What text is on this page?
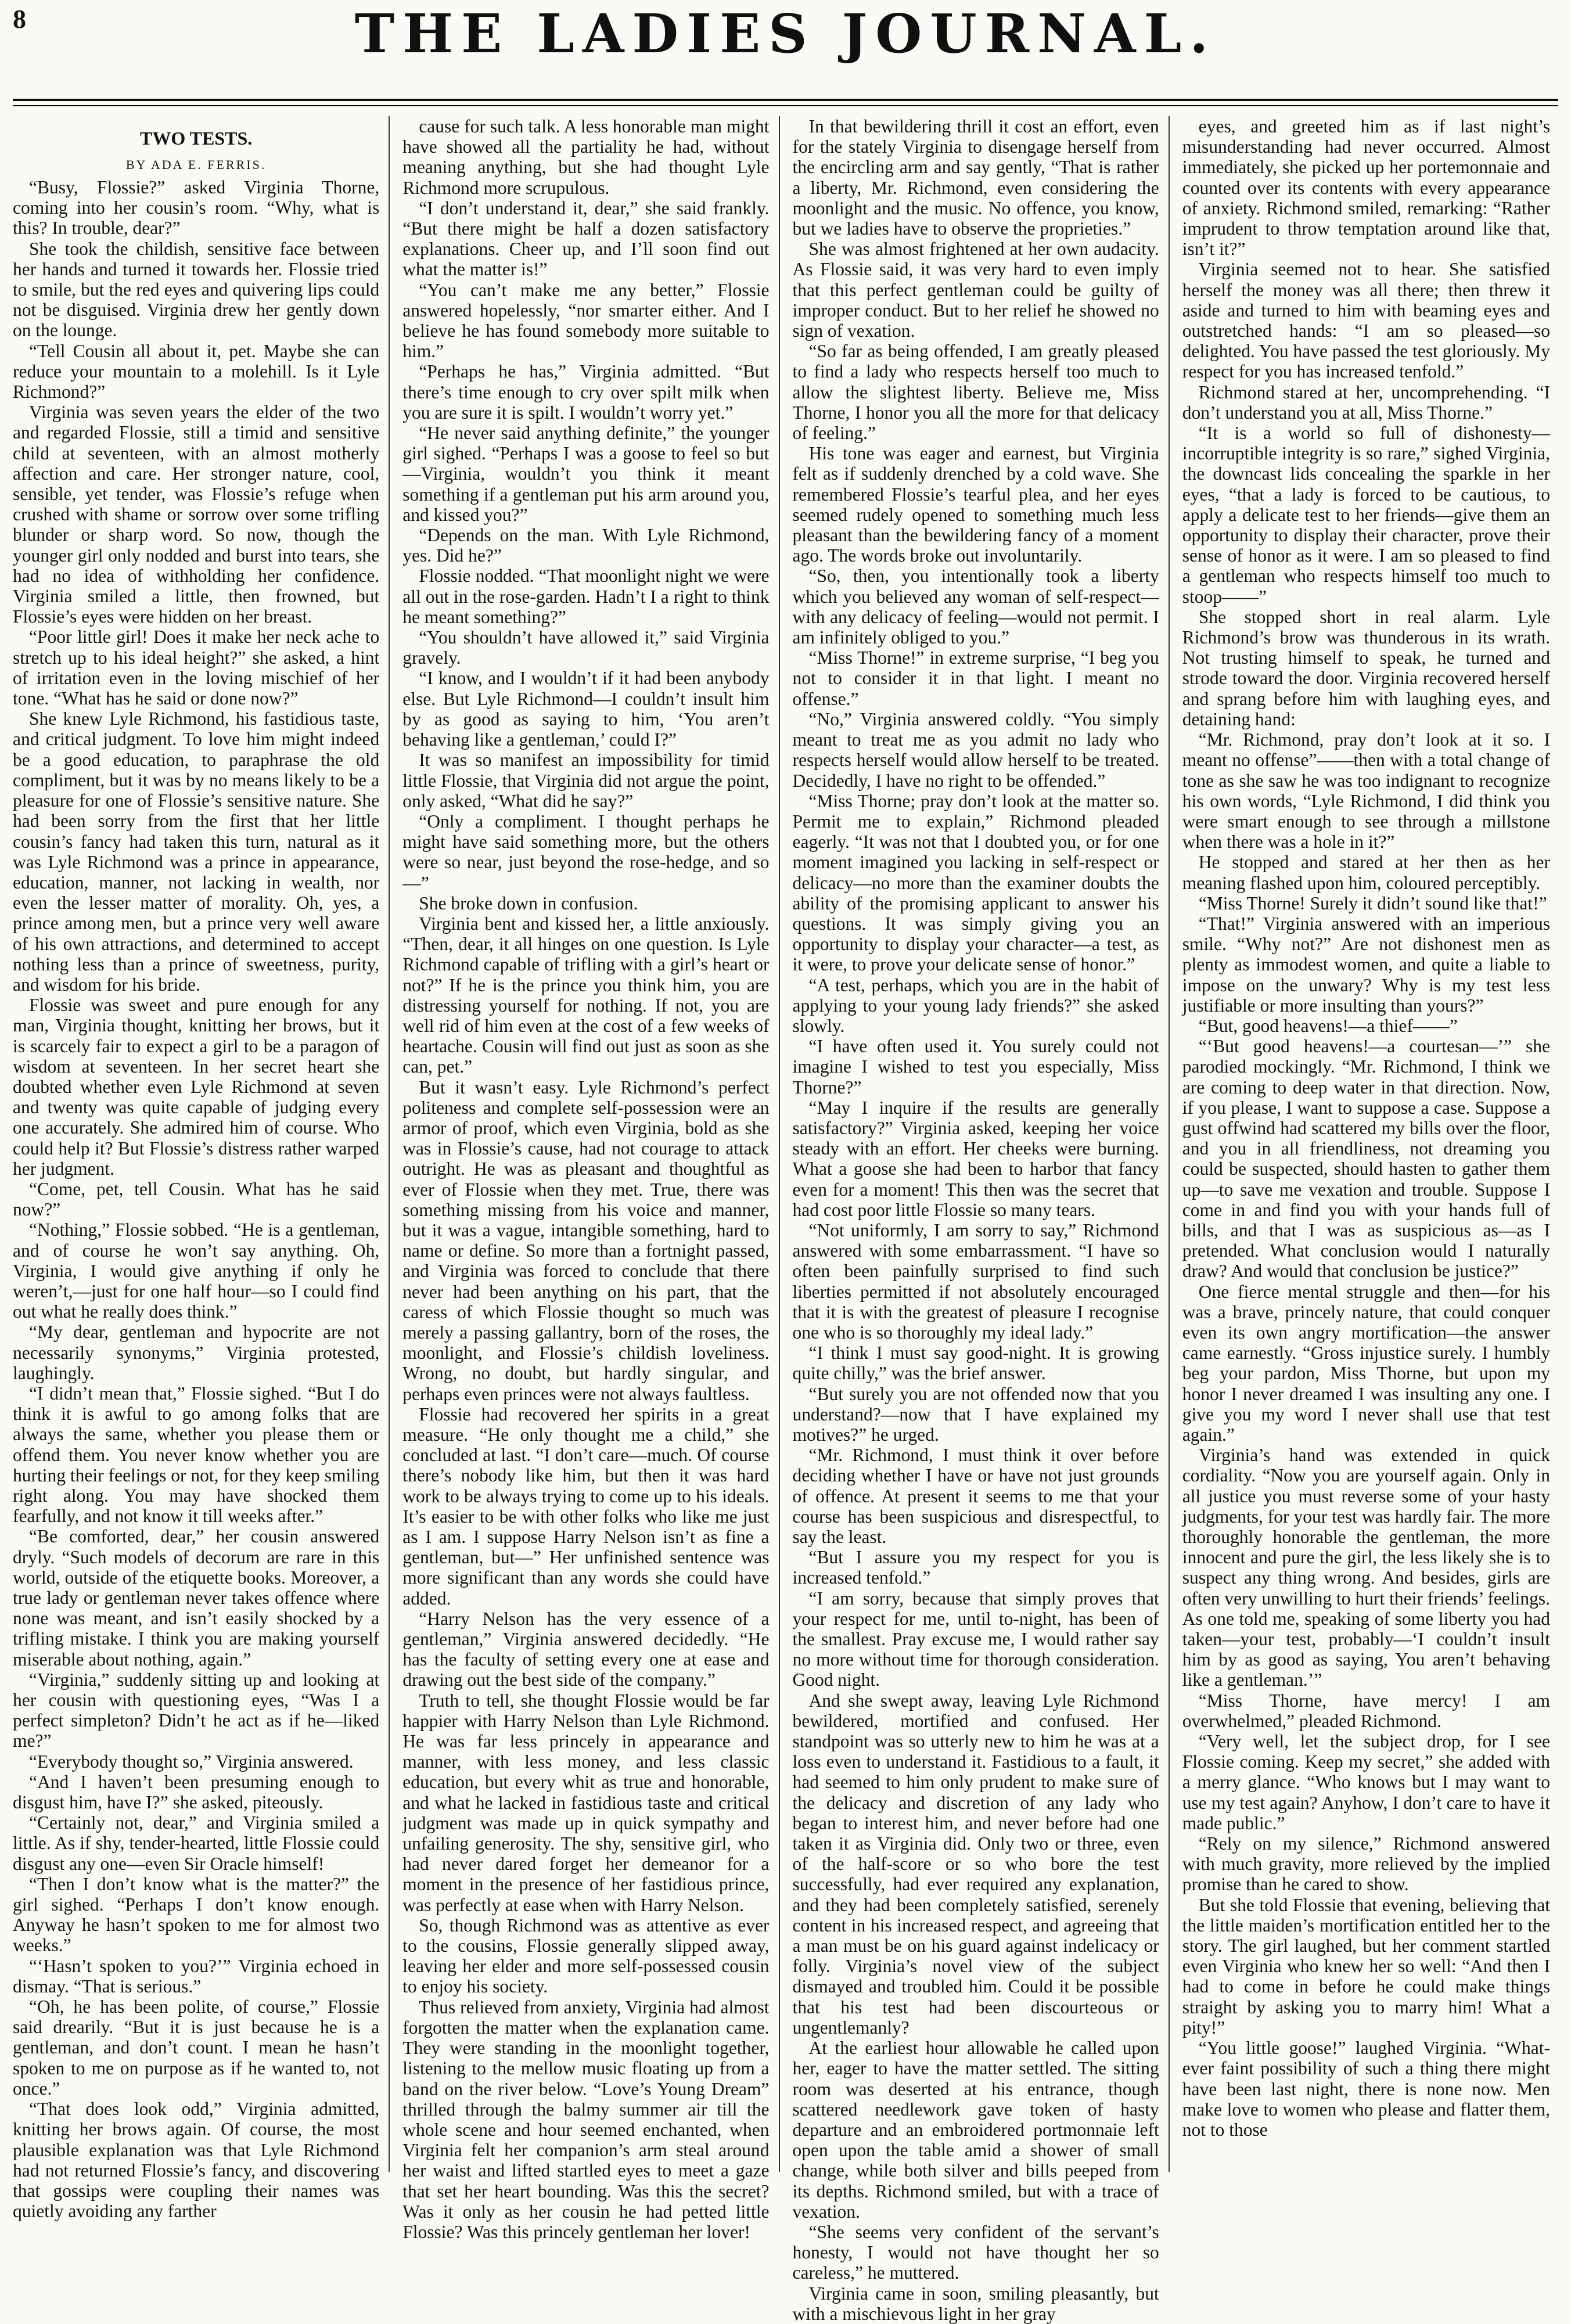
8	THE LADIES JOURNAL.
TWO TESTS.
BY ADA E. FERRIS.

“Busy, Flossie?” asked Virginia Thorne, coming into her cousin’s room. “Why, what is this? In trouble, dear?”

She took the childish, sensitive face between her hands and turned it towards her. Flossie tried to smile, but the red eyes and quivering lips could not be disguised. Virginia drew her gently down on the lounge.

“Tell Cousin all about it, pet. Maybe she can reduce your mountain to a molehill. Is it Lyle Richmond?”

Virginia was seven years the elder of the two and regarded Flossie, still a timid and sensitive child at seventeen, with an almost motherly affection and care. Her stronger nature, cool, sensible, yet tender, was Flossie’s refuge when crushed with shame or sorrow over some trifling blunder or sharp word. So now, though the younger girl only nodded and burst into tears, she had no idea of withholding her confidence. Virginia smiled a little, then frowned, but Flossie’s eyes were hidden on her breast.

“Poor little girl! Does it make her neck ache to stretch up to his ideal height?” she asked, a hint of irritation even in the loving mischief of her tone. “What has he said or done now?”

She knew Lyle Richmond, his fastidious taste, and critical judgment. To love him might indeed be a good education, to paraphrase the old compliment, but it was by no means likely to be a pleasure for one of Flossie’s sensitive nature. She had been sorry from the first that her little cousin’s fancy had taken this turn, natural as it was Lyle Richmond was a prince in appearance, education, manner, not lacking in wealth, nor even the lesser matter of morality. Oh, yes, a prince among men, but a prince very well aware of his own attractions, and determined to accept nothing less than a prince of sweetness, purity, and wisdom for his bride.

Flossie was sweet and pure enough for any man, Virginia thought, knitting her brows, but it is scarcely fair to expect a girl to be a paragon of wisdom at seventeen. In her secret heart she doubted whether even Lyle Richmond at seven and twenty was quite capable of judging every one accurately. She admired him of course. Who could help it? But Flossie’s distress rather warped her judgment.

“Come, pet, tell Cousin. What has he said now?”

“Nothing,” Flossie sobbed. “He is a gentleman, and of course he won’t say anything. Oh, Virginia, I would give anything if only he weren’t,—just for one half hour—so I could find out what he really does think.”

“My dear, gentleman and hypocrite are not necessarily synonyms,” Virginia protested, laughingly.

“I didn’t mean that,” Flossie sighed. “But I do think it is awful to go among folks that are always the same, whether you please them or offend them. You never know whether you are hurting their feelings or not, for they keep smiling right along. You may have shocked them fearfully, and not know it till weeks after.”

“Be comforted, dear,” her cousin answered dryly. “Such models of decorum are rare in this world, outside of the etiquette books. Moreover, a true lady or gentleman never takes offence where none was meant, and isn’t easily shocked by a trifling mistake. I think you are making yourself miserable about nothing, again.”

“Virginia,” suddenly sitting up and looking at her cousin with questioning eyes, “Was I a perfect simpleton? Didn’t he act as if he—liked me?”

“Everybody thought so,” Virginia answered.

“And I haven’t been presuming enough to disgust him, have I?” she asked, piteously.

“Certainly not, dear,” and Virginia smiled a little. As if shy, tender-hearted, little Flossie could disgust any one—even Sir Oracle himself!

“Then I don’t know what is the matter?” the girl sighed. “Perhaps I don’t know enough. Anyway he hasn’t spoken to me for almost two weeks.”

“‘Hasn’t spoken to you?’” Virginia echoed in dismay. “That is serious.”

“Oh, he has been polite, of course,” Flossie said drearily. “But it is just because he is a gentleman, and don’t count. I mean he hasn’t spoken to me on purpose as if he wanted to, not once.”

“That does look odd,” Virginia admitted, knitting her brows again. Of course, the most plausible explanation was that Lyle Richmond had not returned Flossie’s fancy, and discovering that gossips were coupling their names was quietly avoiding any farther

cause for such talk. A less honorable man might have showed all the partiality he had, without meaning anything, but she had thought Lyle Richmond more scrupulous.

“I don’t understand it, dear,” she said frankly. “But there might be half a dozen satisfactory explanations. Cheer up, and I’ll soon find out what the matter is!”

“You can’t make me any better,” Flossie answered hopelessly, “nor smarter either. And I believe he has found somebody more suitable to him.”

“Perhaps he has,” Virginia admitted. “But there’s time enough to cry over spilt milk when you are sure it is spilt. I wouldn’t worry yet.”

“He never said anything definite,” the younger girl sighed. “Perhaps I was a goose to feel so but—Virginia, wouldn’t you think it meant something if a gentleman put his arm around you, and kissed you?”

“Depends on the man. With Lyle Richmond, yes. Did he?”

Flossie nodded. “That moonlight night we were all out in the rose-garden. Hadn’t I a right to think he meant something?”

“You shouldn’t have allowed it,” said Virginia gravely.

“I know, and I wouldn’t if it had been anybody else. But Lyle Richmond—I couldn’t insult him by as good as saying to him, ‘You aren’t behaving like a gentleman,’ could I?”

It was so manifest an impossibility for timid little Flossie, that Virginia did not argue the point, only asked, “What did he say?”

“Only a compliment. I thought perhaps he might have said something more, but the others were so near, just beyond the rose-hedge, and so—”

She broke down in confusion.

Virginia bent and kissed her, a little anxiously. “Then, dear, it all hinges on one question. Is Lyle Richmond capable of trifling with a girl’s heart or not?” If he is the prince you think him, you are distressing yourself for nothing. If not, you are well rid of him even at the cost of a few weeks of heartache. Cousin will find out just as soon as she can, pet.”

But it wasn’t easy. Lyle Richmond’s perfect politeness and complete self-possession were an armor of proof, which even Virginia, bold as she was in Flossie’s cause, had not courage to attack outright. He was as pleasant and thoughtful as ever of Flossie when they met. True, there was something missing from his voice and manner, but it was a vague, intangible something, hard to name or define. So more than a fortnight passed, and Virginia was forced to conclude that there never had been anything on his part, that the caress of which Flossie thought so much was merely a passing gallantry, born of the roses, the moonlight, and Flossie’s childish loveliness. Wrong, no doubt, but hardly singular, and perhaps even princes were not always faultless.

Flossie had recovered her spirits in a great measure. “He only thought me a child,” she concluded at last. “I don’t care—much. Of course there’s nobody like him, but then it was hard work to be always trying to come up to his ideals. It’s easier to be with other folks who like me just as I am. I suppose Harry Nelson isn’t as fine a gentleman, but—” Her unfinished sentence was more significant than any words she could have added.

“Harry Nelson has the very essence of a gentleman,” Virginia answered decidedly. “He has the faculty of setting every one at ease and drawing out the best side of the company.”

Truth to tell, she thought Flossie would be far happier with Harry Nelson than Lyle Richmond. He was far less princely in appearance and manner, with less money, and less classic education, but every whit as true and honorable, and what he lacked in fastidious taste and critical judgment was made up in quick sympathy and unfailing generosity. The shy, sensitive girl, who had never dared forget her demeanor for a moment in the presence of her fastidious prince, was perfectly at ease when with Harry Nelson.

So, though Richmond was as attentive as ever to the cousins, Flossie generally slipped away, leaving her elder and more self-possessed cousin to enjoy his society.

Thus relieved from anxiety, Virginia had almost forgotten the matter when the explanation came. They were standing in the moonlight together, listening to the mellow music floating up from a band on the river below. “Love’s Young Dream” thrilled through the balmy summer air till the whole scene and hour seemed enchanted, when Virginia felt her companion’s arm steal around her waist and lifted startled eyes to meet a gaze that set her heart bounding. Was this the secret? Was it only as her cousin he had petted little Flossie? Was this princely gentleman her lover!

In that bewildering thrill it cost an effort, even for the stately Virginia to disengage herself from the encircling arm and say gently, “That is rather a liberty, Mr. Richmond, even considering the moonlight and the music. No offence, you know, but we ladies have to observe the proprieties.”

She was almost frightened at her own audacity. As Flossie said, it was very hard to even imply that this perfect gentleman could be guilty of improper conduct. But to her relief he showed no sign of vexation.

“So far as being offended, I am greatly pleased to find a lady who respects herself too much to allow the slightest liberty. Believe me, Miss Thorne, I honor you all the more for that delicacy of feeling.”

His tone was eager and earnest, but Virginia felt as if suddenly drenched by a cold wave. She remembered Flossie’s tearful plea, and her eyes seemed rudely opened to something much less pleasant than the bewildering fancy of a moment ago. The words broke out involuntarily.

“So, then, you intentionally took a liberty which you believed any woman of self-respect—with any delicacy of feeling—would not permit. I am infinitely obliged to you.”

“Miss Thorne!” in extreme surprise, “I beg you not to consider it in that light. I meant no offense.”

“No,” Virginia answered coldly. “You simply meant to treat me as you admit no lady who respects herself would allow herself to be treated. Decidedly, I have no right to be offended.”

“Miss Thorne; pray don’t look at the matter so. Permit me to explain,” Richmond pleaded eagerly. “It was not that I doubted you, or for one moment imagined you lacking in self-respect or delicacy—no more than the examiner doubts the ability of the promising applicant to answer his questions. It was simply giving you an opportunity to display your character—a test, as it were, to prove your delicate sense of honor.”

“A test, perhaps, which you are in the habit of applying to your young lady friends?” she asked slowly.

“I have often used it. You surely could not imagine I wished to test you especially, Miss Thorne?”

“May I inquire if the results are generally satisfactory?” Virginia asked, keeping her voice steady with an effort. Her cheeks were burning. What a goose she had been to harbor that fancy even for a moment! This then was the secret that had cost poor little Flossie so many tears.

“Not uniformly, I am sorry to say,” Richmond answered with some embarrassment. “I have so often been painfully surprised to find such liberties permitted if not absolutely encouraged that it is with the greatest of pleasure I recognise one who is so thoroughly my ideal lady.”

“I think I must say good-night. It is growing quite chilly,” was the brief answer.

“But surely you are not offended now that you understand?—now that I have explained my motives?” he urged.

“Mr. Richmond, I must think it over before deciding whether I have or have not just grounds of offence. At present it seems to me that your course has been suspicious and disrespectful, to say the least.

“But I assure you my respect for you is increased tenfold.”

“I am sorry, because that simply proves that your respect for me, until to-night, has been of the smallest. Pray excuse me, I would rather say no more without time for thorough consideration. Good night.

And she swept away, leaving Lyle Richmond bewildered, mortified and confused. Her standpoint was so utterly new to him he was at a loss even to understand it. Fastidious to a fault, it had seemed to him only prudent to make sure of the delicacy and discretion of any lady who began to interest him, and never before had one taken it as Virginia did. Only two or three, even of the half-score or so who bore the test successfully, had ever required any explanation, and they had been completely satisfied, serenely content in his increased respect, and agreeing that a man must be on his guard against indelicacy or folly. Virginia’s novel view of the subject dismayed and troubled him. Could it be possible that his test had been discourteous or ungentlemanly?

At the earliest hour allowable he called upon her, eager to have the matter settled. The sitting room was deserted at his entrance, though scattered needlework gave token of hasty departure and an embroidered portmonnaie left open upon the table amid a shower of small change, while both silver and bills peeped from its depths. Richmond smiled, but with a trace of vexation.

“She seems very confident of the servant’s honesty, I would not have thought her so careless,” he muttered.

Virginia came in soon, smiling pleasantly, but with a mischievous light in her gray

eyes, and greeted him as if last night’s misunderstanding had never occurred. Almost immediately, she picked up her portemonnaie and counted over its contents with every appearance of anxiety. Richmond smiled, remarking: “Rather imprudent to throw temptation around like that, isn’t it?”

Virginia seemed not to hear. She satisfied herself the money was all there; then threw it aside and turned to him with beaming eyes and outstretched hands: “I am so pleased—so delighted. You have passed the test gloriously. My respect for you has increased tenfold.”

Richmond stared at her, uncomprehending. “I don’t understand you at all, Miss Thorne.”

“It is a world so full of dishonesty—incorruptible integrity is so rare,” sighed Virginia, the downcast lids concealing the sparkle in her eyes, “that a lady is forced to be cautious, to apply a delicate test to her friends—give them an opportunity to display their character, prove their sense of honor as it were. I am so pleased to find a gentleman who respects himself too much to stoop——”

She stopped short in real alarm. Lyle Richmond’s brow was thunderous in its wrath. Not trusting himself to speak, he turned and strode toward the door. Virginia recovered herself and sprang before him with laughing eyes, and detaining hand:

“Mr. Richmond, pray don’t look at it so. I meant no offense”——then with a total change of tone as she saw he was too indignant to recognize his own words, “Lyle Richmond, I did think you were smart enough to see through a millstone when there was a hole in it?”

He stopped and stared at her then as her meaning flashed upon him, coloured perceptibly.

“Miss Thorne! Surely it didn’t sound like that!”

“That!” Virginia answered with an imperious smile. “Why not?” Are not dishonest men as plenty as immodest women, and quite a liable to impose on the unwary? Why is my test less justifiable or more insulting than yours?”

“But, good heavens!—a thief——”

“‘But good heavens!—a courtesan—’” she parodied mockingly. “Mr. Richmond, I think we are coming to deep water in that direction. Now, if you please, I want to suppose a case. Suppose a gust offwind had scattered my bills over the floor, and you in all friendliness, not dreaming you could be suspected, should hasten to gather them up—to save me vexation and trouble. Suppose I come in and find you with your hands full of bills, and that I was as suspicious as—as I pretended. What conclusion would I naturally draw? And would that conclusion be justice?”

One fierce mental struggle and then—for his was a brave, princely nature, that could conquer even its own angry mortification—the answer came earnestly. “Gross injustice surely. I humbly beg your pardon, Miss Thorne, but upon my honor I never dreamed I was insulting any one. I give you my word I never shall use that test again.”

Virginia’s hand was extended in quick cordiality. “Now you are yourself again. Only in all justice you must reverse some of your hasty judgments, for your test was hardly fair. The more thoroughly honorable the gentleman, the more innocent and pure the girl, the less likely she is to suspect any thing wrong. And besides, girls are often very unwilling to hurt their friends’ feelings. As one told me, speaking of some liberty you had taken—your test, probably—‘I couldn’t insult him by as good as saying, You aren’t behaving like a gentleman.’”

“Miss Thorne, have mercy! I am overwhelmed,” pleaded Richmond.

“Very well, let the subject drop, for I see Flossie coming. Keep my secret,” she added with a merry glance. “Who knows but I may want to use my test again? Anyhow, I don’t care to have it made public.”

“Rely on my silence,” Richmond answered with much gravity, more relieved by the implied promise than he cared to show.

But she told Flossie that evening, believing that the little maiden’s mortification entitled her to the story. The girl laughed, but her comment startled even Virginia who knew her so well: “And then I had to come in before he could make things straight by asking you to marry him! What a pity!”

“You little goose!” laughed Virginia. “What-ever faint possibility of such a thing there might have been last night, there is none now. Men make love to women who please and flatter them, not to those
